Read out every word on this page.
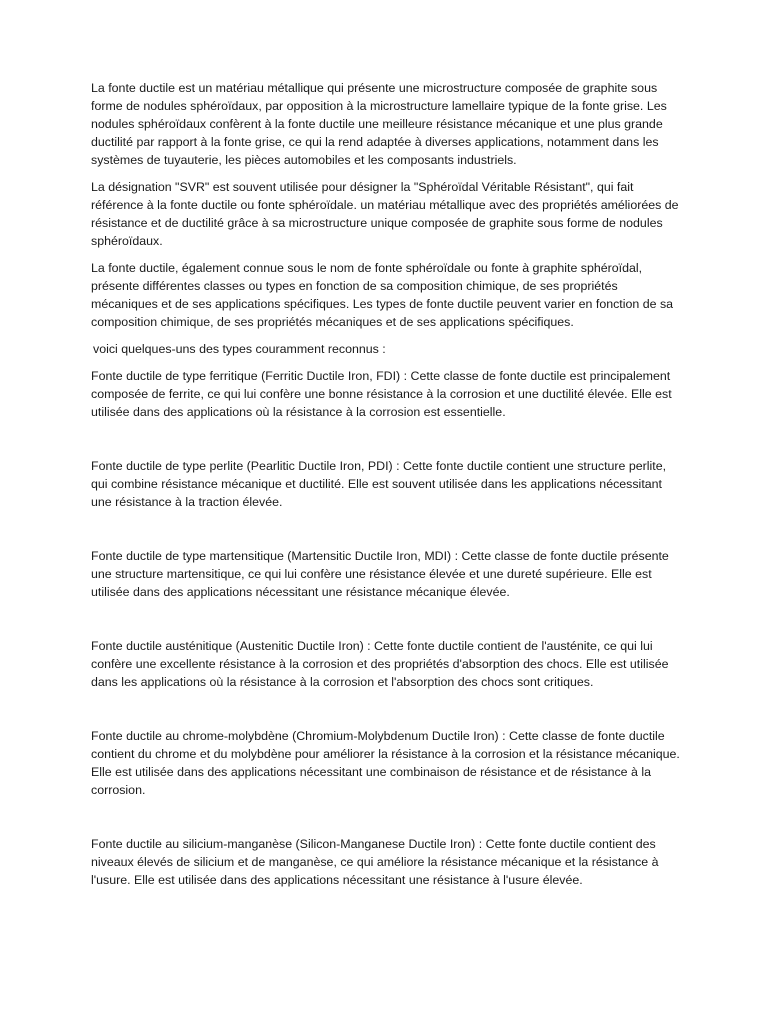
La fonte ductile est un matériau métallique qui présente une microstructure composée de graphite sous forme de nodules sphéroïdaux, par opposition à la microstructure lamellaire typique de la fonte grise. Les nodules sphéroïdaux confèrent à la fonte ductile une meilleure résistance mécanique et une plus grande ductilité par rapport à la fonte grise, ce qui la rend adaptée à diverses applications, notamment dans les systèmes de tuyauterie, les pièces automobiles et les composants industriels.

La désignation "SVR" est souvent utilisée pour désigner la "Sphéroïdal Véritable Résistant", qui fait référence à la fonte ductile ou fonte sphéroïdale. un matériau métallique avec des propriétés améliorées de résistance et de ductilité grâce à sa microstructure unique composée de graphite sous forme de nodules sphéroïdaux.

La fonte ductile, également connue sous le nom de fonte sphéroïdale ou fonte à graphite sphéroïdal, présente différentes classes ou types en fonction de sa composition chimique, de ses propriétés mécaniques et de ses applications spécifiques. Les types de fonte ductile peuvent varier en fonction de sa composition chimique, de ses propriétés mécaniques et de ses applications spécifiques.

voici quelques-uns des types couramment reconnus :

Fonte ductile de type ferritique (Ferritic Ductile Iron, FDI) : Cette classe de fonte ductile est principalement composée de ferrite, ce qui lui confère une bonne résistance à la corrosion et une ductilité élevée. Elle est utilisée dans des applications où la résistance à la corrosion est essentielle.

Fonte ductile de type perlite (Pearlitic Ductile Iron, PDI) : Cette fonte ductile contient une structure perlite, qui combine résistance mécanique et ductilité. Elle est souvent utilisée dans les applications nécessitant une résistance à la traction élevée.

Fonte ductile de type martensitique (Martensitic Ductile Iron, MDI) : Cette classe de fonte ductile présente une structure martensitique, ce qui lui confère une résistance élevée et une dureté supérieure. Elle est utilisée dans des applications nécessitant une résistance mécanique élevée.

Fonte ductile austénitique (Austenitic Ductile Iron) : Cette fonte ductile contient de l'austénite, ce qui lui confère une excellente résistance à la corrosion et des propriétés d'absorption des chocs. Elle est utilisée dans les applications où la résistance à la corrosion et l'absorption des chocs sont critiques.

Fonte ductile au chrome-molybdène (Chromium-Molybdenum Ductile Iron) : Cette classe de fonte ductile contient du chrome et du molybdène pour améliorer la résistance à la corrosion et la résistance mécanique. Elle est utilisée dans des applications nécessitant une combinaison de résistance et de résistance à la corrosion.

Fonte ductile au silicium-manganèse (Silicon-Manganese Ductile Iron) : Cette fonte ductile contient des niveaux élevés de silicium et de manganèse, ce qui améliore la résistance mécanique et la résistance à l'usure. Elle est utilisée dans des applications nécessitant une résistance à l'usure élevée.
